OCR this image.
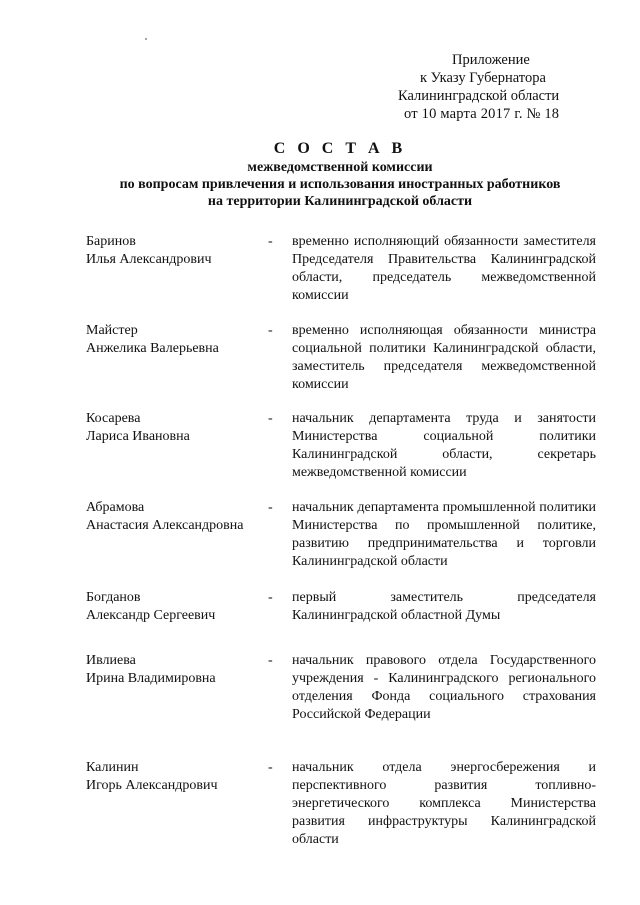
Приложение
к Указу Губернатора
Калининградской области
от 10 марта 2017 г. № 18
С О С Т А В
межведомственной комиссии
по вопросам привлечения и использования иностранных работников
на территории Калининградской области
Баринов
Илья Александрович
- временно исполняющий обязанности заместителя Председателя Правительства Калининградской области, председатель межведомственной комиссии
Майстер
Анжелика Валерьевна
- временно исполняющая обязанности министра социальной политики Калининградской области, заместитель председателя межведомственной комиссии
Косарева
Лариса Ивановна
- начальник департамента труда и занятости Министерства социальной политики Калининградской области, секретарь межведомственной комиссии
Абрамова
Анастасия Александровна
- начальник департамента промышленной политики Министерства по промышленной политике, развитию предпринимательства и торговли Калининградской области
Богданов
Александр Сергеевич
- первый заместитель председателя Калининградской областной Думы
Ивлиева
Ирина Владимировна
- начальник правового отдела Государственного учреждения - Калининградского регионального отделения Фонда социального страхования Российской Федерации
Калинин
Игорь Александрович
- начальник отдела энергосбережения и перспективного развития топливно-энергетического комплекса Министерства развития инфраструктуры Калининградской области
